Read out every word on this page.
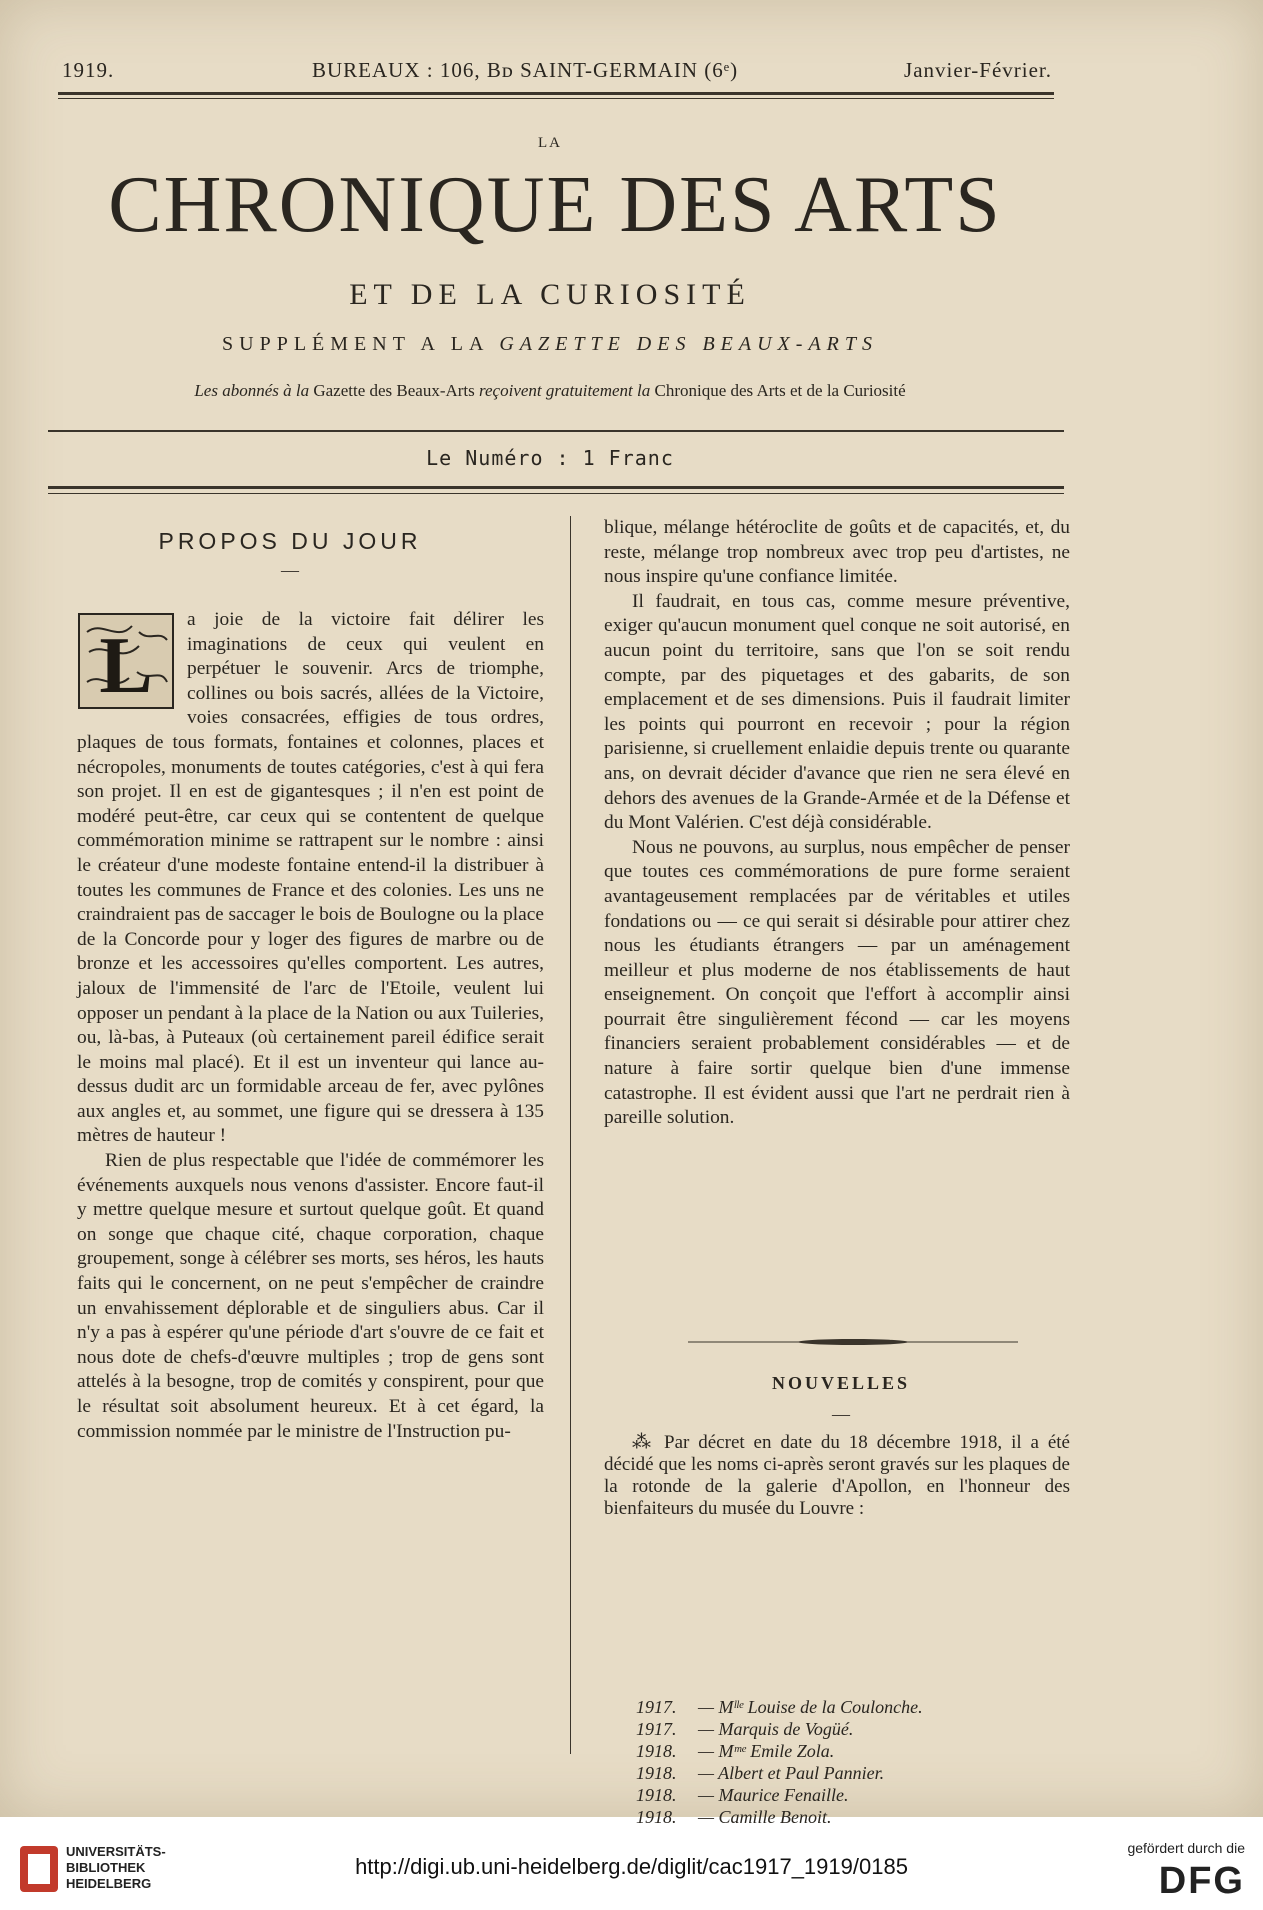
1919.	BUREAUX : 106, Bᴅ SAINT-GERMAIN (6ᵉ)	Janvier-Février.
LA
CHRONIQUE DES ARTS
ET DE LA CURIOSITÉ
SUPPLÉMENT A LA GAZETTE DES BEAUX-ARTS
Les abonnés à la Gazette des Beaux-Arts reçoivent gratuitement la Chronique des Arts et de la Curiosité
Le Numéro : 1 Franc
PROPOS DU JOUR
—

L
a joie de la victoire fait délirer les imaginations de ceux qui veulent en perpétuer le souvenir. Arcs de triomphe, collines ou bois sacrés, allées de la Victoire, voies consacrées, effigies de tous ordres, plaques de tous formats, fontaines et colonnes, places et nécropoles, monuments de toutes catégories, c'est à qui fera son projet. Il en est de gigantesques ; il n'en est point de modéré peut-être, car ceux qui se contentent de quelque commémoration minime se rattrapent sur le nombre : ainsi le créateur d'une modeste fontaine entend-il la distribuer à toutes les communes de France et des colonies. Les uns ne craindraient pas de saccager le bois de Boulogne ou la place de la Concorde pour y loger des figures de marbre ou de bronze et les accessoires qu'elles comportent. Les autres, jaloux de l'immensité de l'arc de l'Etoile, veulent lui opposer un pendant à la place de la Nation ou aux Tuileries, ou, là-bas, à Puteaux (où certainement pareil édifice serait le moins mal placé). Et il est un inventeur qui lance au-dessus dudit arc un formidable arceau de fer, avec pylônes aux angles et, au sommet, une figure qui se dressera à 135 mètres de hauteur !

Rien de plus respectable que l'idée de commémorer les événements auxquels nous venons d'assister. Encore faut-il y mettre quelque mesure et surtout quelque goût. Et quand on songe que chaque cité, chaque corporation, chaque groupement, songe à célébrer ses morts, ses héros, les hauts faits qui le concernent, on ne peut s'empêcher de craindre un envahissement déplorable et de singuliers abus. Car il n'y a pas à espérer qu'une période d'art s'ouvre de ce fait et nous dote de chefs-d'œuvre multiples ; trop de gens sont attelés à la besogne, trop de comités y conspirent, pour que le résultat soit absolument heureux. Et à cet égard, la commission nommée par le ministre de l'Instruction pu-

blique, mélange hétéroclite de goûts et de capacités, et, du reste, mélange trop nombreux avec trop peu d'artistes, ne nous inspire qu'une confiance limitée.

Il faudrait, en tous cas, comme mesure préventive, exiger qu'aucun monument quel conque ne soit autorisé, en aucun point du territoire, sans que l'on se soit rendu compte, par des piquetages et des gabarits, de son emplacement et de ses dimensions. Puis il faudrait limiter les points qui pourront en recevoir ; pour la région parisienne, si cruellement enlaidie depuis trente ou quarante ans, on devrait décider d'avance que rien ne sera élevé en dehors des avenues de la Grande-Armée et de la Défense et du Mont Valérien. C'est déjà considérable.

Nous ne pouvons, au surplus, nous empêcher de penser que toutes ces commémorations de pure forme seraient avantageusement remplacées par de véritables et utiles fondations ou — ce qui serait si désirable pour attirer chez nous les étudiants étrangers — par un aménagement meilleur et plus moderne de nos établissements de haut enseignement. On conçoit que l'effort à accomplir ainsi pourrait être singulièrement fécond — car les moyens financiers seraient probablement considérables — et de nature à faire sortir quelque bien d'une immense catastrophe. Il est évident aussi que l'art ne perdrait rien à pareille solution.

NOUVELLES
—

⁂ Par décret en date du 18 décembre 1918, il a été décidé que les noms ci-après seront gravés sur les plaques de la rotonde de la galerie d'Apollon, en l'honneur des bienfaiteurs du musée du Louvre :

1917. — Mˡˡᵉ Louise de la Coulonche.
1917. — Marquis de Vogüé.
1918. — Mᵐᵉ Emile Zola.
1918. — Albert et Paul Pannier.
1918. — Maurice Fenaille.
1918. — Camille Benoit.
UNIVERSITÄTS-
BIBLIOTHEK
HEIDELBERG
http://digi.ub.uni-heidelberg.de/diglit/cac1917_1919/0185
gefördert durch die
DFG
